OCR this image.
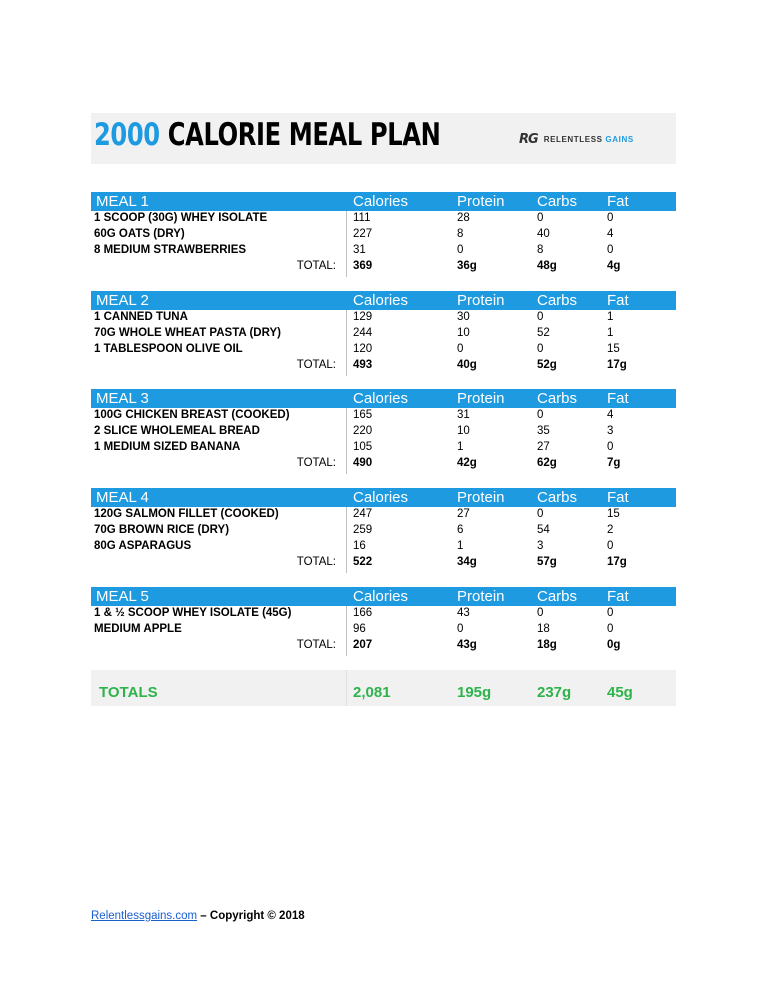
2000 CALORIE MEAL PLAN	RG RELENTLESS GAINS
MEAL 1	Calories	Protein Carbs Fat
1 SCOOP (30G) WHEY ISOLATE	111	28	0	0
60G OATS (DRY)	227	8	40	4
8 MEDIUM STRAWBERRIES	31	0	8	0
TOTAL: 369	36g	48g	4g
MEAL 2	Calories	Protein Carbs Fat
1 CANNED TUNA	129	30	0	1
70G WHOLE WHEAT PASTA (DRY)	244	10	52	1
1 TABLESPOON OLIVE OIL	120	0	0	15
TOTAL: 493	40g	52g	17g
MEAL 3	Calories	Protein Carbs Fat
100G CHICKEN BREAST (COOKED)	165	31	0	4
2 SLICE WHOLEMEAL BREAD	220	10	35	3
1 MEDIUM SIZED BANANA	105	1	27	0
TOTAL: 490	42g	62g	7g
MEAL 4	Calories	Protein Carbs Fat
120G SALMON FILLET (COOKED)	247	27	0	15
70G BROWN RICE (DRY)	259	6	54	2
80G ASPARAGUS	16	1	3	0
TOTAL: 522	34g	57g	17g
MEAL 5	Calories	Protein Carbs Fat
1 & ½ SCOOP WHEY ISOLATE (45G)	166	43	0	0
MEDIUM APPLE	96	0	18	0
TOTAL: 207	43g	18g	0g
TOTALS	2,081	195g	237g 45g
Relentlessgains.com – Copyright © 2018
